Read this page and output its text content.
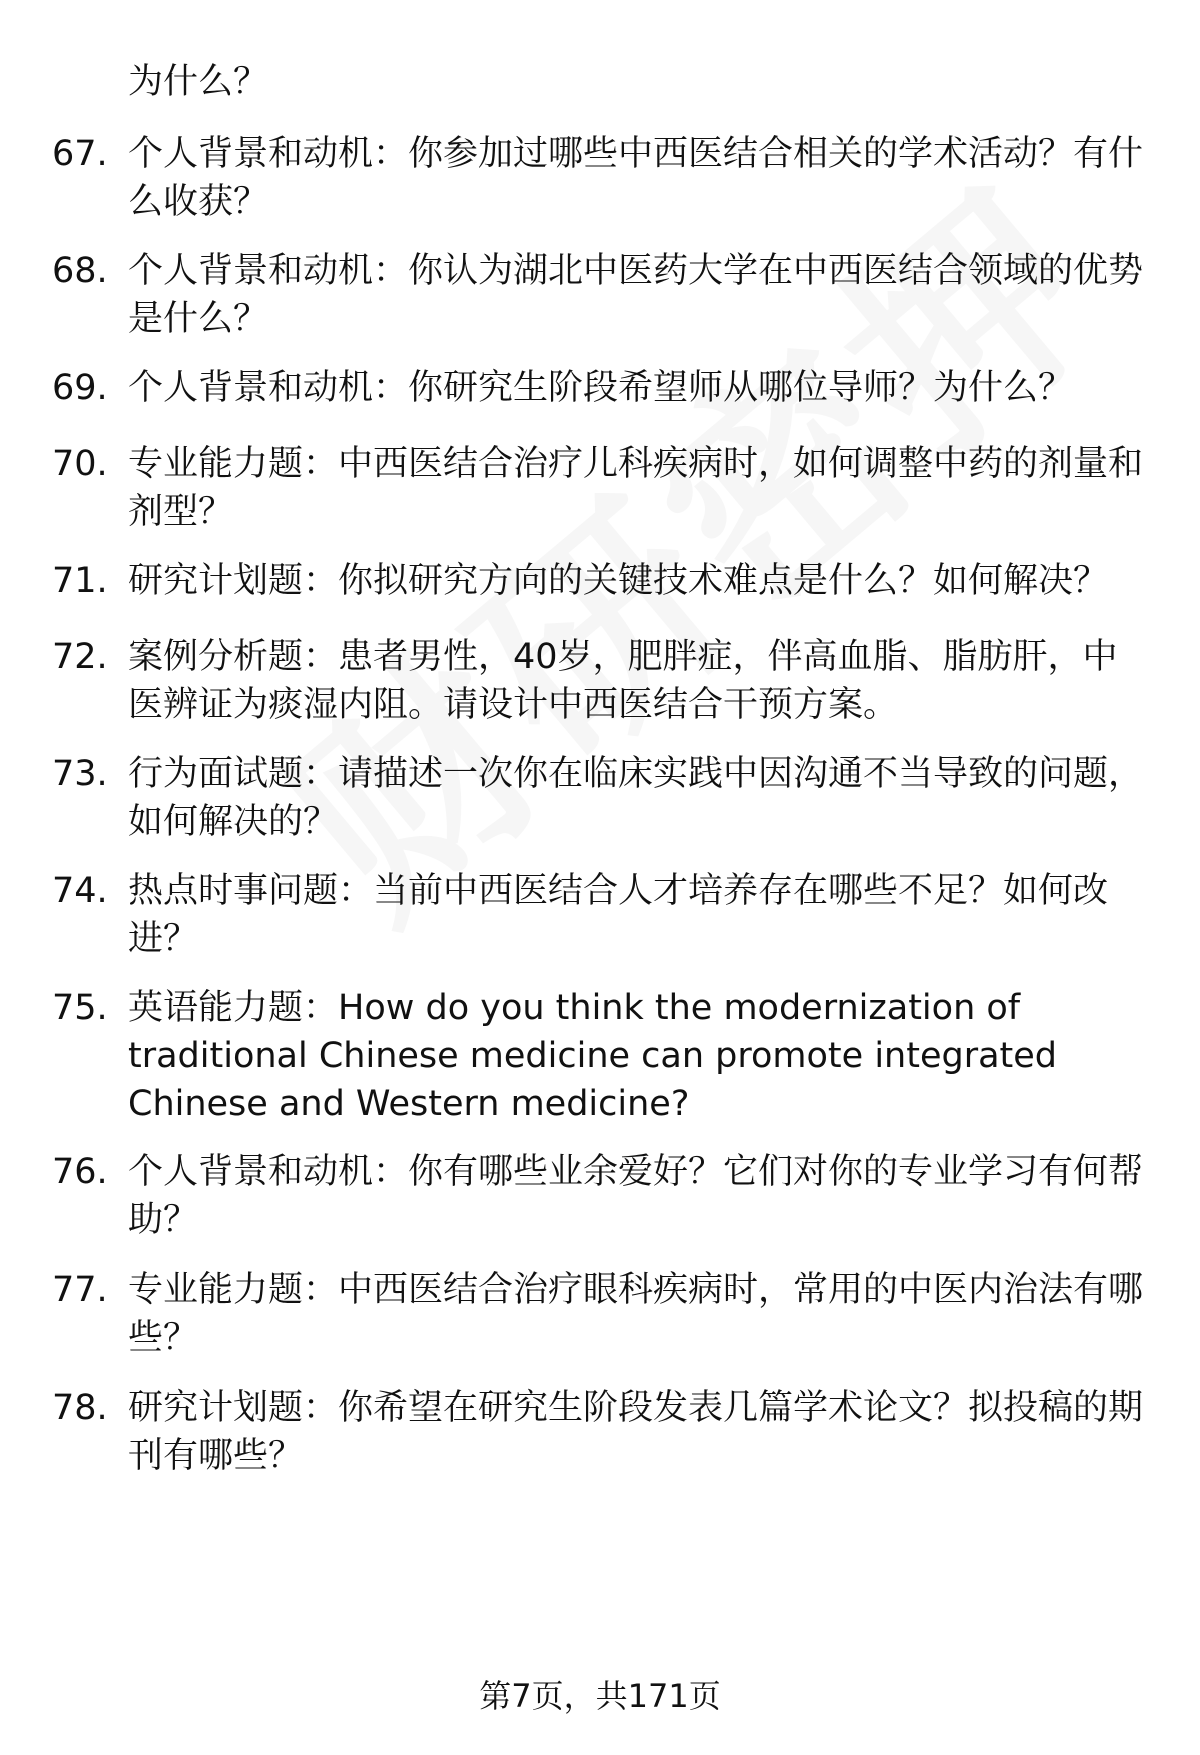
为什么？
67. 个人背景和动机：你参加过哪些中西医结合相关的学术活动？有什么收获？
68. 个人背景和动机：你认为湖北中医药大学在中西医结合领域的优势是什么？
69. 个人背景和动机：你研究生阶段希望师从哪位导师？为什么？
70. 专业能力题：中西医结合治疗儿科疾病时，如何调整中药的剂量和剂型？
71. 研究计划题：你拟研究方向的关键技术难点是什么？如何解决？
72. 案例分析题：患者男性，40岁，肥胖症，伴高血脂、脂肪肝，中医辨证为痰湿内阻。请设计中西医结合干预方案。
73. 行为面试题：请描述一次你在临床实践中因沟通不当导致的问题，如何解决的？
74. 热点时事问题：当前中西医结合人才培养存在哪些不足？如何改进？
75. 英语能力题：How do you think the modernization of traditional Chinese medicine can promote integrated Chinese and Western medicine?
76. 个人背景和动机：你有哪些业余爱好？它们对你的专业学习有何帮助？
77. 专业能力题：中西医结合治疗眼科疾病时，常用的中医内治法有哪些？
78. 研究计划题：你希望在研究生阶段发表几篇学术论文？拟投稿的期刊有哪些？
第7页，共171页
